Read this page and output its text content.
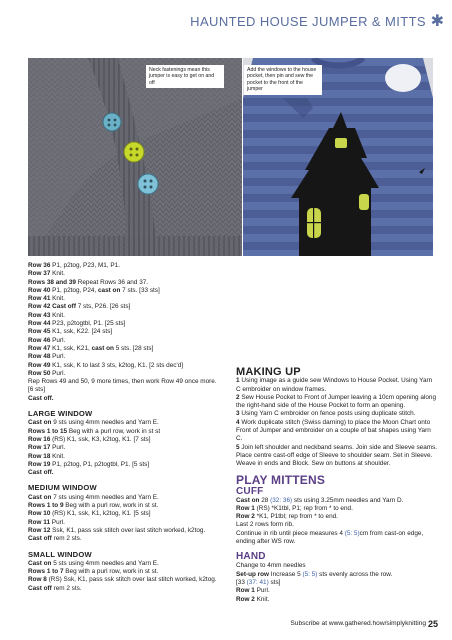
HAUNTED HOUSE JUMPER & MITTS ✱
Neck fastenings mean this jumper is easy to get on and off
Add the windows to the house pocket, then pin and sew the pocket to the front of the jumper
Row 36 P1, p2tog, P23, M1, P1.
Row 37 Knit.
Rows 38 and 39 Repeat Rows 36 and 37.
Row 40 P1, p2tog, P24, cast on 7 sts. [33 sts]
Row 41 Knit.
Row 42 Cast off 7 sts, P26. [26 sts]
Row 43 Knit.
Row 44 P23, p2togtbl, P1. [25 sts]
Row 45 K1, ssk, K22. [24 sts]
Row 46 Purl.
Row 47 K1, ssk, K21, cast on 5 sts. [28 sts]
Row 48 Purl.
Row 49 K1, ssk, K to last 3 sts, k2tog, K1. [2 sts dec'd]
Row 50 Purl.
Rep Rows 49 and 50, 9 more times, then work Row 49 once more.
[6 sts]
Cast off.
LARGE WINDOW
Cast on 9 sts using 4mm needles and Yarn E.
Rows 1 to 15 Beg with a purl row, work in st st
Row 16 (RS) K1, ssk, K3, k2tog, K1. [7 sts]
Row 17 Purl.
Row 18 Knit.
Row 19 P1, p2tog, P1, p2togtbl, P1. [5 sts]
Cast off.
MEDIUM WINDOW
Cast on 7 sts using 4mm needles and Yarn E.
Rows 1 to 9 Beg with a purl row, work in st st.
Row 10 (RS) K1, ssk, K1, k2tog, K1. [5 sts]
Row 11 Purl.
Row 12 Ssk, K1, pass ssk stitch over last stitch worked, k2tog.
Cast off rem 2 sts.
SMALL WINDOW
Cast on 5 sts using 4mm needles and Yarn E.
Rows 1 to 7 Beg with a purl row, work in st st.
Row 8 (RS) Ssk, K1, pass ssk stitch over last stitch worked, k2tog.
Cast off rem 2 sts.
MAKING UP
1 Using image as a guide sew Windows to House Pocket. Using Yarn C embroider on window frames.
2 Sew House Pocket to Front of Jumper leaving a 10cm opening along the right-hand side of the House Pocket to form an opening.
3 Using Yarn C embroider on fence posts using duplicate stitch.
4 Work duplicate stitch (Swiss darning) to place the Moon Chart onto Front of Jumper and embroider on a couple of bat shapes using Yarn C.
5 Join left shoulder and neckband seams. Join side and Sleeve seams. Place centre cast-off edge of Sleeve to shoulder seam. Set in Sleeve. Weave in ends and Block. Sew on buttons at shoulder.
PLAY MITTENS
CUFF
Cast on 28 (32: 36) sts using 3.25mm needles and Yarn D.
Row 1 (RS) *K1tbl, P1; rep from * to end.
Row 2 *K1, P1tbl; rep from * to end.
Last 2 rows form rib.
Continue in rib until piece measures 4 (5: 5)cm from cast-on edge,
ending after WS row.
HAND
Change to 4mm needles
Set-up row Increase 5 (5: 5) sts evenly across the row.
[33 (37: 41) sts]
Row 1 Purl.
Row 2 Knit.
Subscribe at www.gathered.how/simplyknitting 25
